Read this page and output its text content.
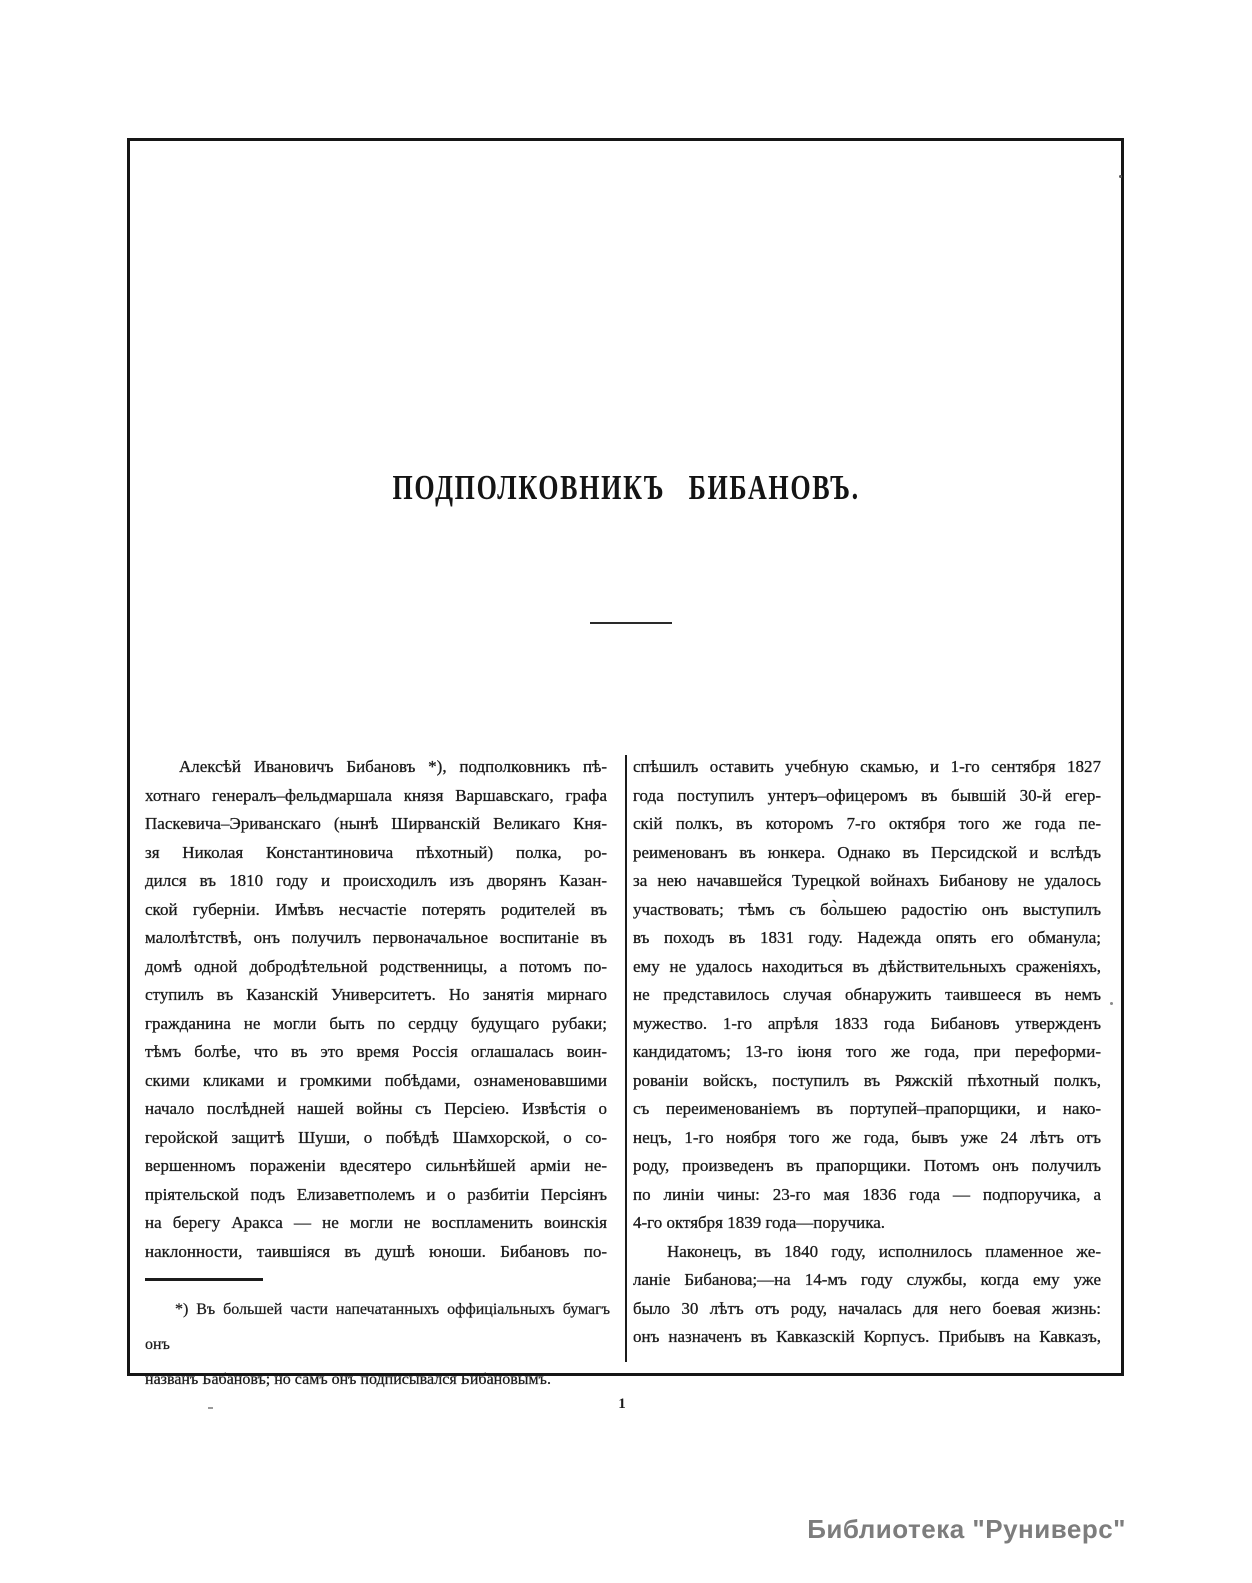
ПОДПОЛКОВНИКЪ БИБАНОВЪ.
Алексѣй Ивановичъ Бибановъ *), подполковникъ пѣ-
хотнаго генералъ–фельдмаршала князя Варшавскаго, графа
Паскевича–Эриванскаго (нынѣ Ширванскій Великаго Кня-
зя Николая Константиновича пѣхотный) полка, ро-
дился въ 1810 году и происходилъ изъ дворянъ Казан-
ской губерніи. Имѣвъ несчастіе потерять родителей въ
малолѣтствѣ, онъ получилъ первоначальное воспитаніе въ
домѣ одной добродѣтельной родственницы, а потомъ по-
ступилъ въ Казанскій Университетъ. Но занятія мирнаго
гражданина не могли быть по сердцу будущаго рубаки;
тѣмъ болѣе, что въ это время Россія оглашалась воин-
скими кликами и громкими побѣдами, ознаменовавшими
начало послѣдней нашей войны съ Персіею. Извѣстія о
геройской защитѣ Шуши, о побѣдѣ Шамхорской, о со-
вершенномъ пораженіи вдесятеро сильнѣйшей арміи не-
пріятельской подъ Елизаветполемъ и о разбитіи Персіянъ
на берегу Аракса — не могли не воспламенить воинскія
наклонности, таившіяся въ душѣ юноши. Бибановъ по-
спѣшилъ оставить учебную скамью, и 1-го сентября 1827
года поступилъ унтеръ–офицеромъ въ бывшій 30-й егер-
скій полкъ, въ которомъ 7-го октября того же года пе-
реименованъ въ юнкера. Однако въ Персидской и вслѣдъ
за нею начавшейся Турецкой войнахъ Бибанову не удалось
участвовать; тѣмъ съ бо̀льшею радостію онъ выступилъ
въ походъ въ 1831 году. Надежда опять его обманула;
ему не удалось находиться въ дѣйствительныхъ сраженіяхъ,
не представилось случая обнаружить таившееся въ немъ
мужество. 1-го апрѣля 1833 года Бибановъ утвержденъ
кандидатомъ; 13-го іюня того же года, при переформи-
рованіи войскъ, поступилъ въ Ряжскій пѣхотный полкъ,
съ переименованіемъ въ портупей–прапорщики, и нако-
нецъ, 1-го ноября того же года, бывъ уже 24 лѣтъ отъ
роду, произведенъ въ прапорщики. Потомъ онъ получилъ
по линіи чины: 23-го мая 1836 года — подпоручика, а
4-го октября 1839 года—поручика.
Наконецъ, въ 1840 году, исполнилось пламенное же-
ланіе Бибанова;—на 14-мъ году службы, когда ему уже
было 30 лѣтъ отъ роду, началась для него боевая жизнь:
онъ назначенъ въ Кавказскій Корпусъ. Прибывъ на Кавказъ,
*) Въ большей части напечатанныхъ оффиціальныхъ бумагъ онъ
названъ Бабановъ; но самъ онъ подписывался Бибановымъ.
1
Библиотека "Руниверс"
